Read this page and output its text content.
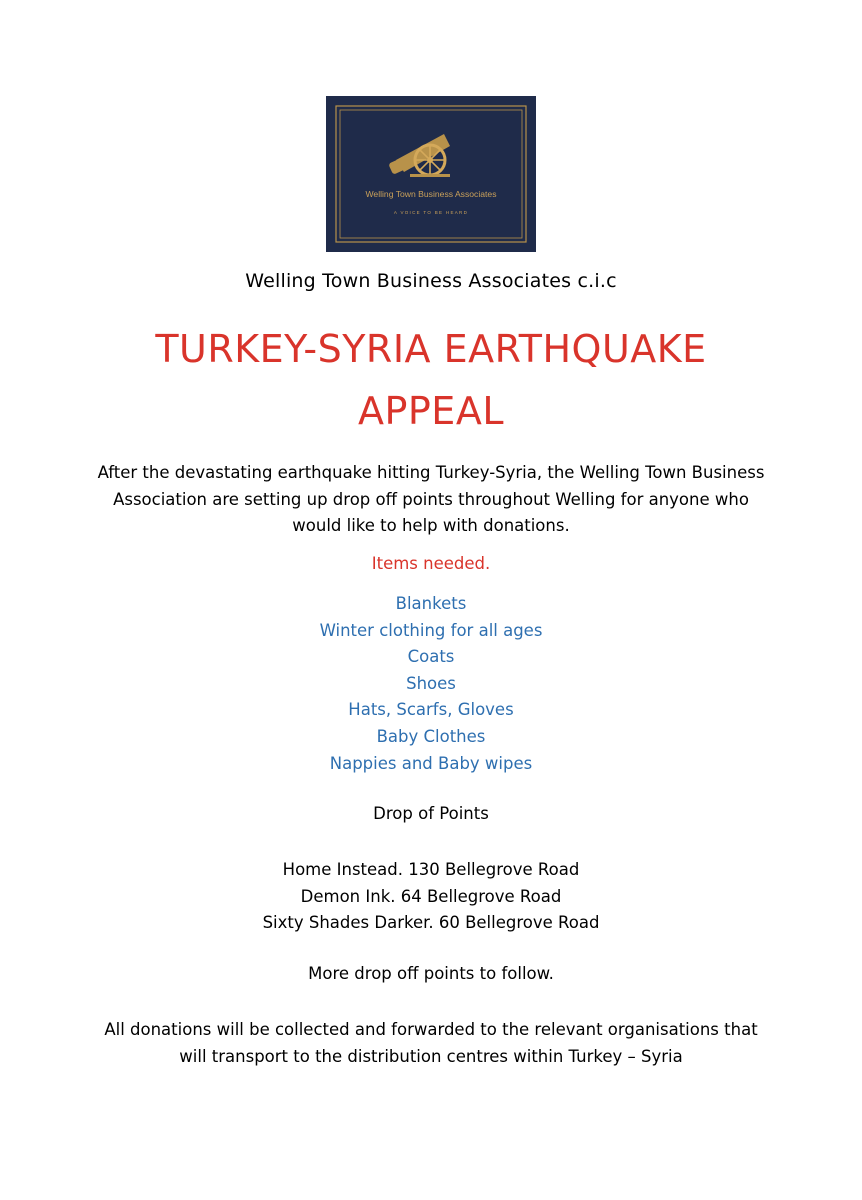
Welling Town Business Associates
A VOICE TO BE HEARD
Welling Town Business Associates c.i.c
TURKEY-SYRIA EARTHQUAKE
APPEAL
After the devastating earthquake hitting Turkey-Syria, the Welling Town Business Association are setting up drop off points throughout Welling for anyone who would like to help with donations.
Items needed.
Blankets
Winter clothing for all ages
Coats
Shoes
Hats, Scarfs, Gloves
Baby Clothes
Nappies and Baby wipes
Drop of Points
Home Instead. 130 Bellegrove Road
Demon Ink. 64 Bellegrove Road
Sixty Shades Darker. 60 Bellegrove Road
More drop off points to follow.
All donations will be collected and forwarded to the relevant organisations that will transport to the distribution centres within Turkey – Syria
